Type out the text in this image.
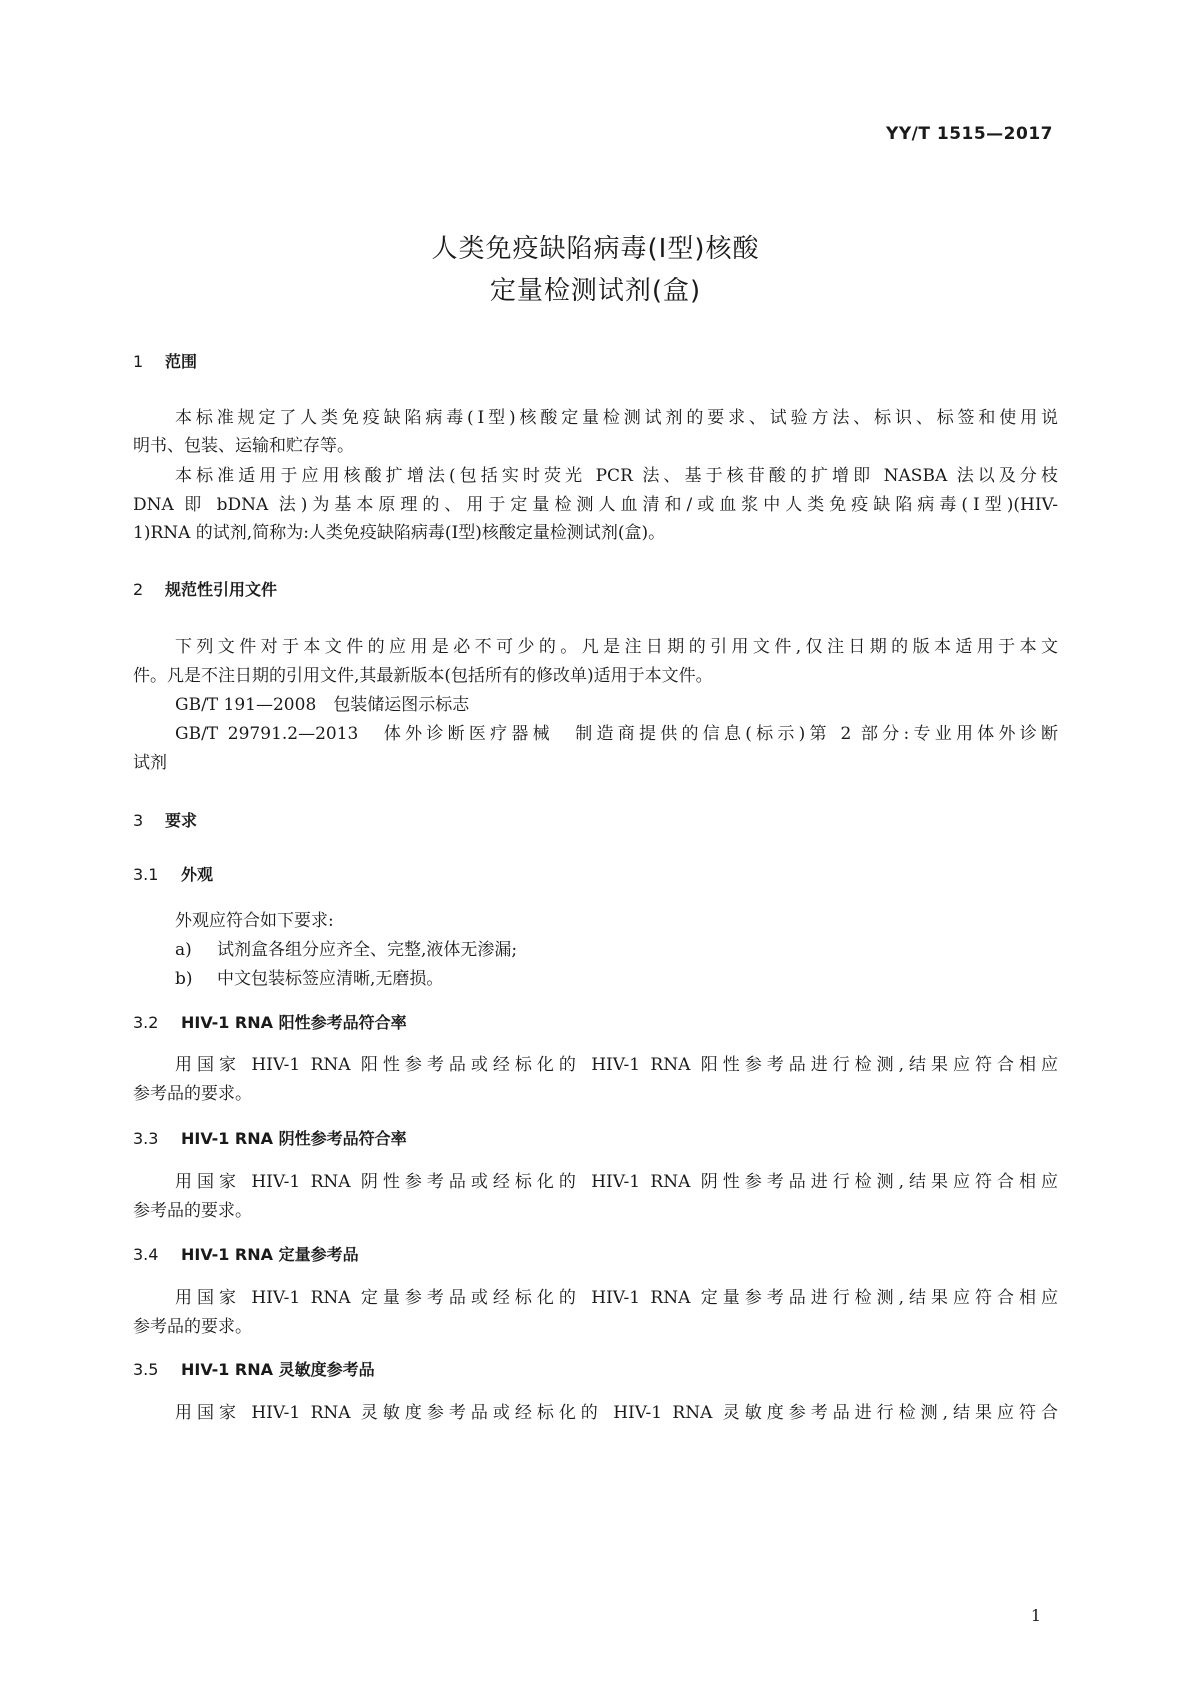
YY/T 1515—2017
人类免疫缺陷病毒(Ⅰ型)核酸
定量检测试剂(盒)
1 范围
本标准规定了人类免疫缺陷病毒(Ⅰ型)核酸定量检测试剂的要求、试验方法、标识、标签和使用说
明书、包装、运输和贮存等。
本标准适用于应用核酸扩增法(包括实时荧光 PCR 法、基于核苷酸的扩增即 NASBA 法以及分枝
DNA 即 bDNA 法)为基本原理的、用于定量检测人血清和/或血浆中人类免疫缺陷病毒(Ⅰ型)(HIV-
1)RNA 的试剂,简称为:人类免疫缺陷病毒(Ⅰ型)核酸定量检测试剂(盒)。
2 规范性引用文件
下列文件对于本文件的应用是必不可少的。凡是注日期的引用文件,仅注日期的版本适用于本文
件。凡是不注日期的引用文件,其最新版本(包括所有的修改单)适用于本文件。
GB/T 191—2008　包装储运图示标志
GB/T 29791.2—2013　体外诊断医疗器械　制造商提供的信息(标示)第 2 部分:专业用体外诊断
试剂
3 要求
3.1 外观
外观应符合如下要求:
a) 试剂盒各组分应齐全、完整,液体无渗漏;
b) 中文包装标签应清晰,无磨损。
3.2 HIV-1 RNA 阳性参考品符合率
用国家 HIV-1 RNA 阳性参考品或经标化的 HIV-1 RNA 阳性参考品进行检测,结果应符合相应
参考品的要求。
3.3 HIV-1 RNA 阴性参考品符合率
用国家 HIV-1 RNA 阴性参考品或经标化的 HIV-1 RNA 阴性参考品进行检测,结果应符合相应
参考品的要求。
3.4 HIV-1 RNA 定量参考品
用国家 HIV-1 RNA 定量参考品或经标化的 HIV-1 RNA 定量参考品进行检测,结果应符合相应
参考品的要求。
3.5 HIV-1 RNA 灵敏度参考品
用国家 HIV-1 RNA 灵敏度参考品或经标化的 HIV-1 RNA 灵敏度参考品进行检测,结果应符合
1
